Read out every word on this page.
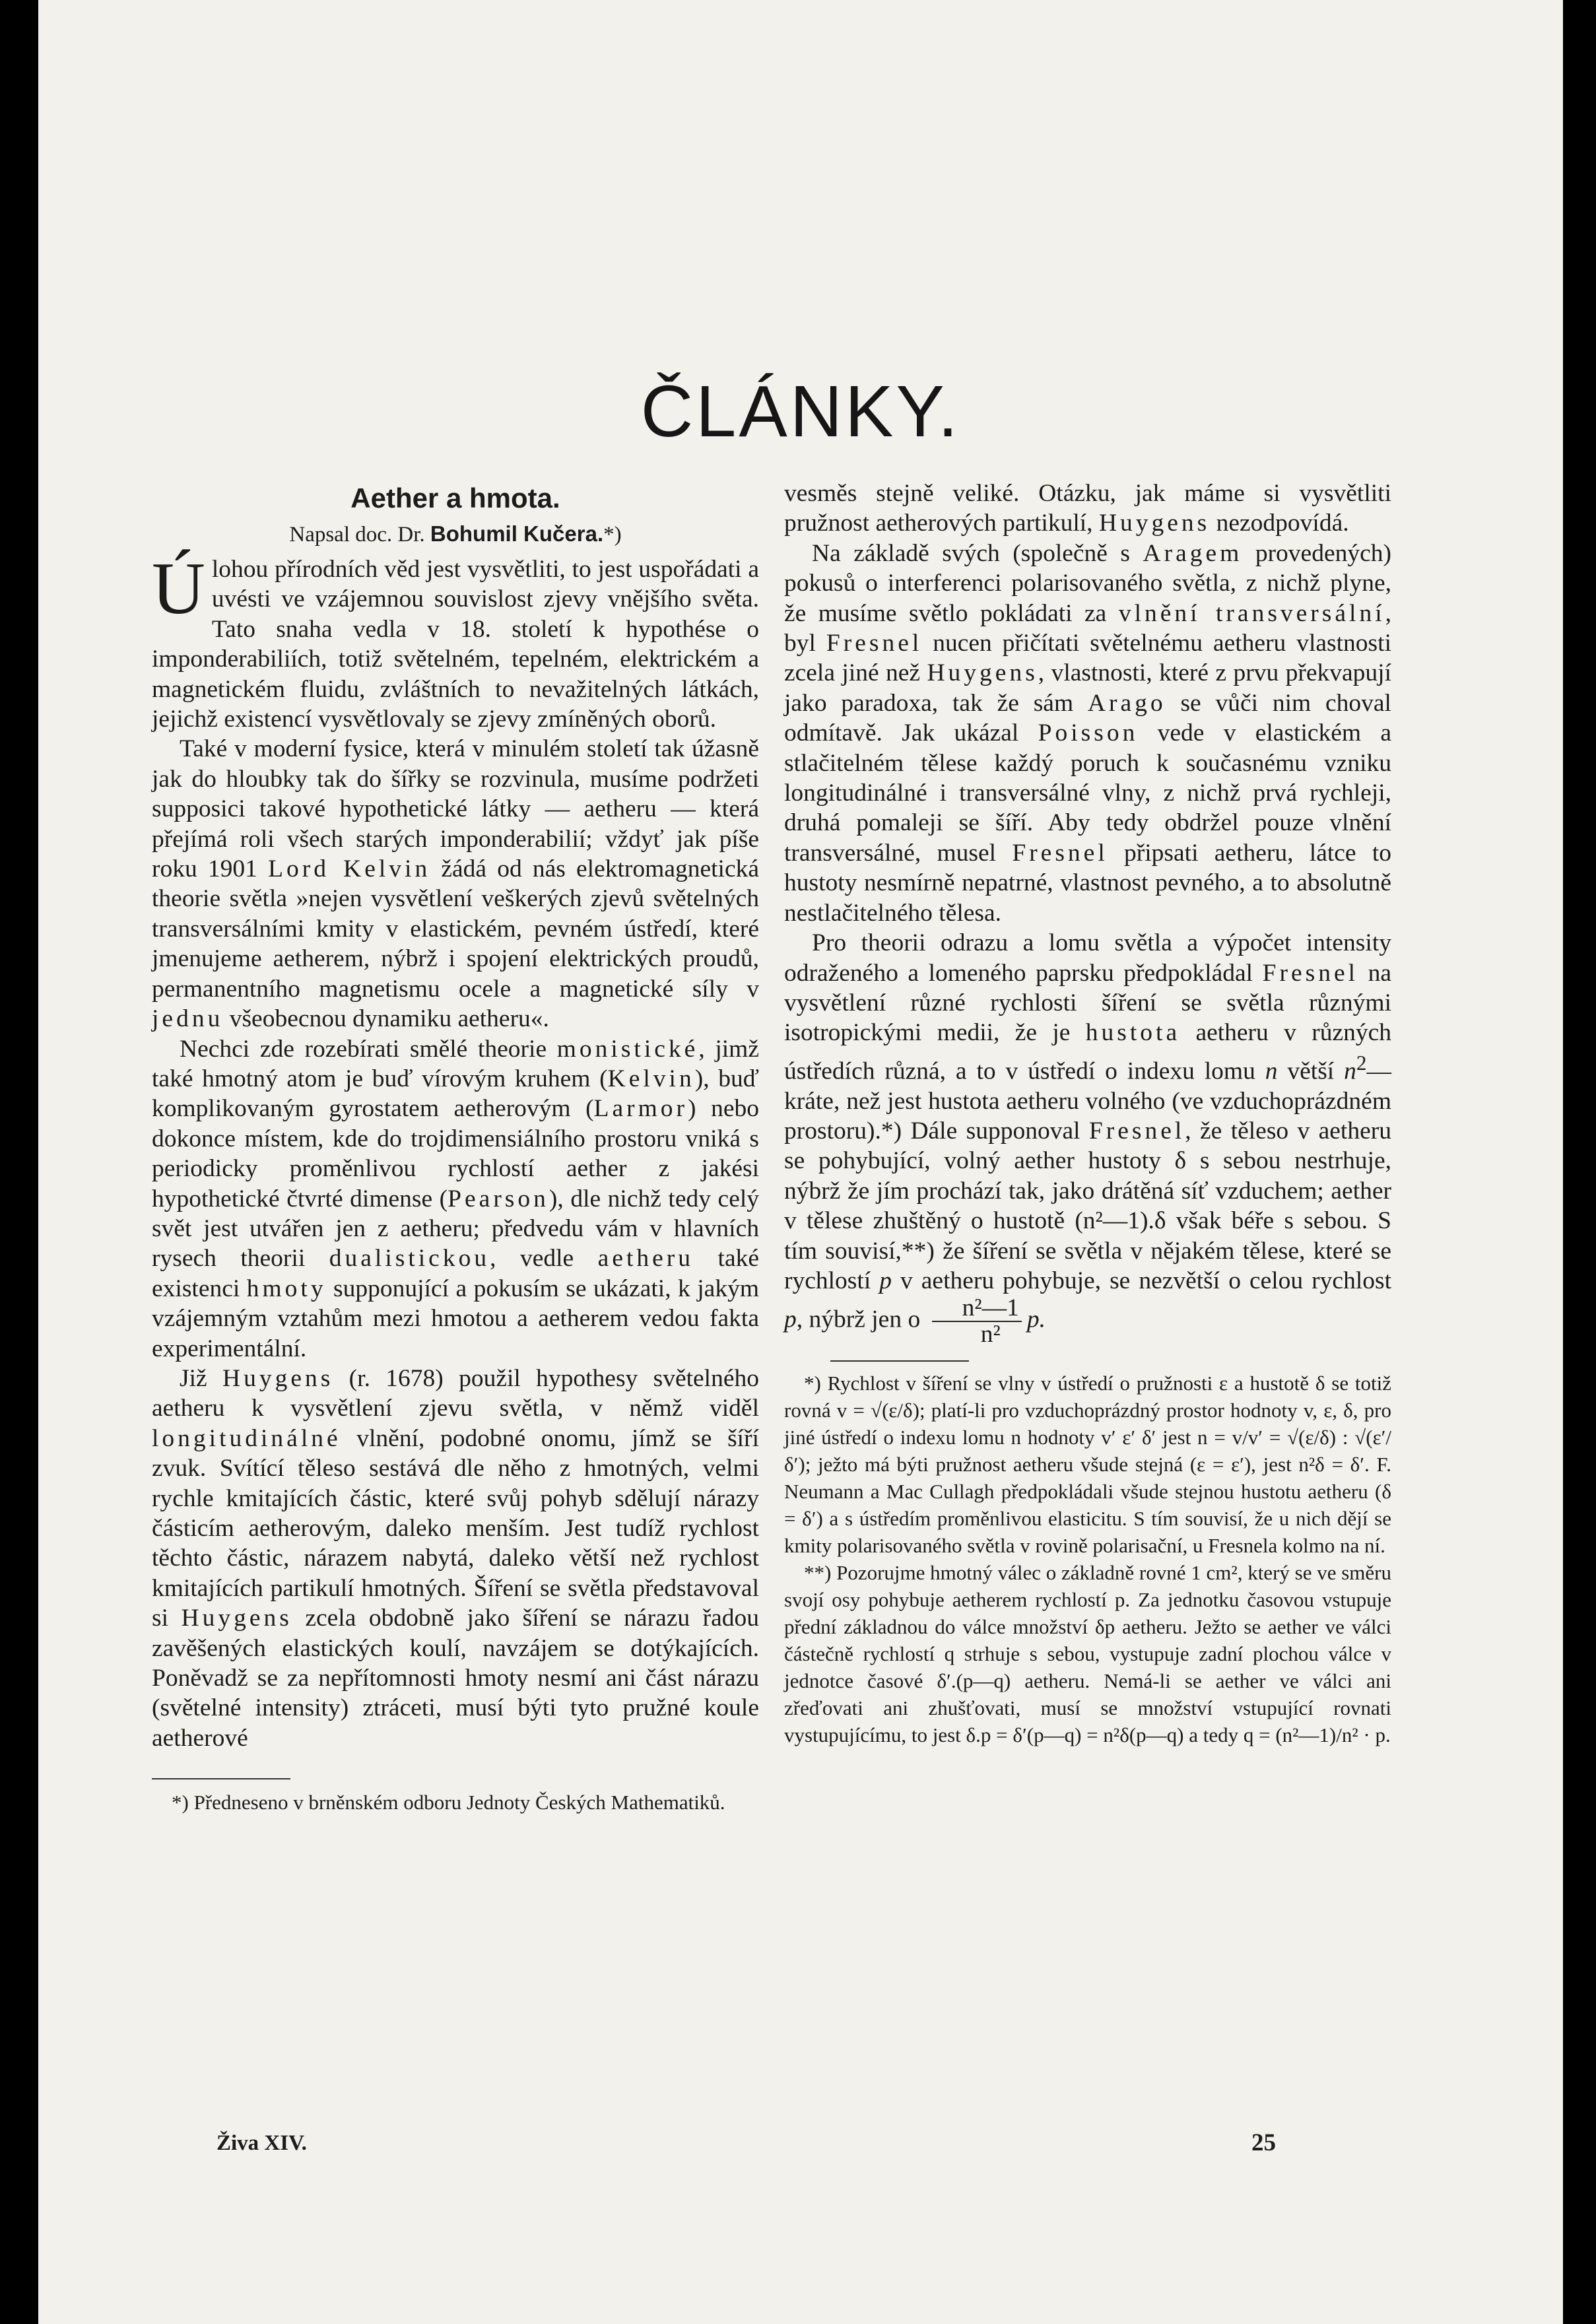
ČLÁNKY.
Aether a hmota.
Napsal doc. Dr. Bohumil Kučera.*)

Úlohou přírodních věd jest vysvětliti, to jest uspořádati a uvésti ve vzájemnou souvislost zjevy vnějšího světa. Tato snaha vedla v 18. století k hypothése o imponderabiliích, totiž světelném, tepelném, elektrickém a magnetickém fluidu, zvláštních to nevažitelných látkách, jejichž existencí vysvětlovaly se zjevy zmíněných oborů.

Také v moderní fysice, která v minulém století tak úžasně jak do hloubky tak do šířky se rozvinula, musíme podržeti supposici takové hypothetické látky — aetheru — která přejímá roli všech starých imponderabilií; vždyť jak píše roku 1901 Lord Kelvin žádá od nás elektromagnetická theorie světla »nejen vysvětlení veškerých zjevů světelných transversálními kmity v elastickém, pevném ústředí, které jmenujeme aetherem, nýbrž i spojení elektrických proudů, permanentního magnetismu ocele a magnetické síly v jednu všeobecnou dynamiku aetheru«.

Nechci zde rozebírati smělé theorie monistické, jimž také hmotný atom je buď vírovým kruhem (Kelvin), buď komplikovaným gyrostatem aetherovým (Larmor) nebo dokonce místem, kde do trojdimensiálního prostoru vniká s periodicky proměnlivou rychlostí aether z jakési hypothetické čtvrté dimense (Pearson), dle nichž tedy celý svět jest utvářen jen z aetheru; předvedu vám v hlavních rysech theorii dualistickou, vedle aetheru také existenci hmoty supponující a pokusím se ukázati, k jakým vzájemným vztahům mezi hmotou a aetherem vedou fakta experimentální.

Již Huygens (r. 1678) použil hypothesy světelného aetheru k vysvětlení zjevu světla, v němž viděl longitudinálné vlnění, podobné onomu, jímž se šíří zvuk. Svítící těleso sestává dle něho z hmotných, velmi rychle kmitajících částic, které svůj pohyb sdělují nárazy částicím aetherovým, daleko menším. Jest tudíž rychlost těchto částic, nárazem nabytá, daleko větší než rychlost kmitajících partikulí hmotných. Šíření se světla představoval si Huygens zcela obdobně jako šíření se nárazu řadou zavěšených elastických koulí, navzájem se dotýkajících. Poněvadž se za nepřítomnosti hmoty nesmí ani část nárazu (světelné intensity) ztráceti, musí býti tyto pružné koule aetherové

*) Předneseno v brněnském odboru Jednoty Českých Mathematiků.

vesměs stejně veliké. Otázku, jak máme si vysvětliti pružnost aetherových partikulí, Huygens nezodpovídá.

Na základě svých (společně s Aragem provedených) pokusů o interferenci polarisovaného světla, z nichž plyne, že musíme světlo pokládati za vlnění transversální, byl Fresnel nucen přičítati světelnému aetheru vlastnosti zcela jiné než Huygens, vlastnosti, které z prvu překvapují jako paradoxa, tak že sám Arago se vůči nim choval odmítavě. Jak ukázal Poisson vede v elastickém a stlačitelném tělese každý poruch k současnému vzniku longitudinálné i transversálné vlny, z nichž prvá rychleji, druhá pomaleji se šíří. Aby tedy obdržel pouze vlnění transversálné, musel Fresnel připsati aetheru, látce to hustoty nesmírně nepatrné, vlastnost pevného, a to absolutně nestlačitelného tělesa.

Pro theorii odrazu a lomu světla a výpočet intensity odraženého a lomeného paprsku předpokládal Fresnel na vysvětlení různé rychlosti šíření se světla různými isotropickými medii, že je hustota aetheru v různých ústředích různá, a to v ústředí o indexu lomu n větší $n^2—kráte$, než jest hustota aetheru volného (ve vzduchoprázdném prostoru).*) Dále supponoval Fresnel, že těleso v aetheru se pohybující, volný aether hustoty δ s sebou nestrhuje, nýbrž že jím prochází tak, jako drátěná síť vzduchem; aether v tělese zhuštěný o hustotě (n²—1).δ však béře s sebou. S tím souvisí,**) že šíření se světla v nějakém tělese, které se rychlostí p v aetheru pohybuje, se nezvětší o celou rychlost p, nýbrž jen o $\frac{\text{n²—1}}{\text{n²}} p$.

*) Rychlost v šíření se vlny v ústředí o pružnosti ε a hustotě δ se totiž rovná v = √(ε/δ); platí-li pro vzduchoprázdný prostor hodnoty v, ε, δ, pro jiné ústředí o indexu lomu n hodnoty v′ ε′ δ′ jest n = v/v′ = √(ε/δ) : √(ε′/δ′); ježto má býti pružnost aetheru všude stejná (ε = ε′), jest n²δ = δ′. F. Neumann a Mac Cullagh předpokládali všude stejnou hustotu aetheru (δ = δ′) a s ústředím proměnlivou elasticitu. S tím souvisí, že u nich dějí se kmity polarisovaného světla v rovině polarisační, u Fresnela kolmo na ní.

**) Pozorujme hmotný válec o základně rovné 1 cm², který se ve směru svojí osy pohybuje aetherem rychlostí p. Za jednotku časovou vstupuje přední základnou do válce množství δp aetheru. Ježto se aether ve válci částečně rychlostí q strhuje s sebou, vystupuje zadní plochou válce v jednotce časové δ′.(p—q) aetheru. Nemá-li se aether ve válci ani zřeďovati ani zhušťovati, musí se množství vstupující rovnati vystupujícímu, to jest δ.p = δ′(p—q) = n²δ(p—q) a tedy q = (n²—1)/n² · p.

Živa XIV.	25
